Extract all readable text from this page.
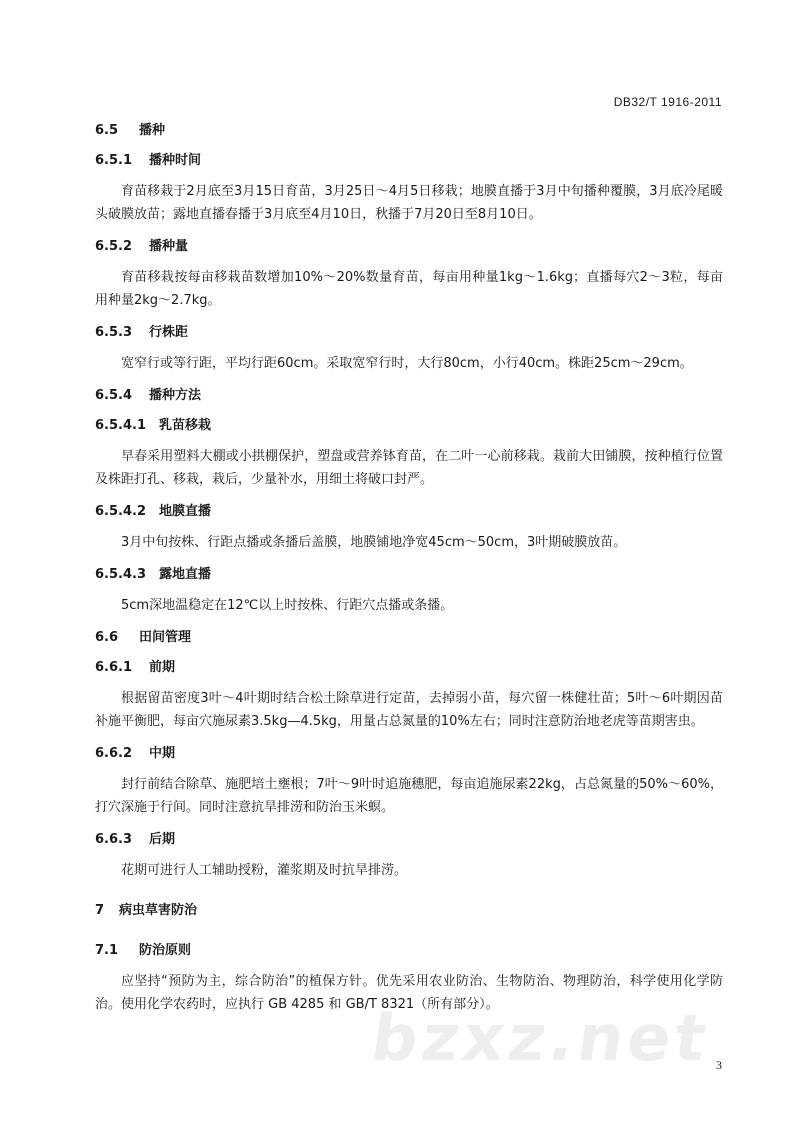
DB32/T 1916-2011
6.5 播种
6.5.1 播种时间

育苗移栽于2月底至3月15日育苗，3月25日～4月5日移栽；地膜直播于3月中旬播种覆膜，3月底冷尾暖头破膜放苗；露地直播春播于3月底至4月10日，秋播于7月20日至8月10日。

6.5.2 播种量

育苗移栽按每亩移栽苗数增加10%～20%数量育苗，每亩用种量1kg～1.6kg；直播每穴2～3粒，每亩用种量2kg～2.7kg。

6.5.3 行株距

宽窄行或等行距，平均行距60cm。采取宽窄行时，大行80cm，小行40cm。株距25cm～29cm。

6.5.4 播种方法
6.5.4.1 乳苗移栽

早春采用塑料大棚或小拱棚保护，塑盘或营养钵育苗，在二叶一心前移栽。栽前大田铺膜，按种植行位置及株距打孔、移栽，栽后，少量补水，用细土将破口封严。

6.5.4.2 地膜直播

3月中旬按株、行距点播或条播后盖膜，地膜铺地净宽45cm～50cm，3叶期破膜放苗。

6.5.4.3 露地直播

5cm深地温稳定在12℃以上时按株、行距穴点播或条播。

6.6 田间管理
6.6.1 前期

根据留苗密度3叶～4叶期时结合松土除草进行定苗，去掉弱小苗，每穴留一株健壮苗；5叶～6叶期因苗补施平衡肥，每亩穴施尿素3.5kg—4.5kg，用量占总氮量的10%左右；同时注意防治地老虎等苗期害虫。

6.6.2 中期

封行前结合除草、施肥培土壅根；7叶～9叶时追施穗肥，每亩追施尿素22kg，占总氮量的50%～60%，打穴深施于行间。同时注意抗旱排涝和防治玉米螟。

6.6.3 后期

花期可进行人工辅助授粉，灌浆期及时抗旱排涝。

7 病虫草害防治
7.1 防治原则

应坚持“预防为主，综合防治”的植保方针。优先采用农业防治、生物防治、物理防治，科学使用化学防治。使用化学农药时，应执行 GB 4285 和 GB/T 8321（所有部分）。

bzxz.net 3
